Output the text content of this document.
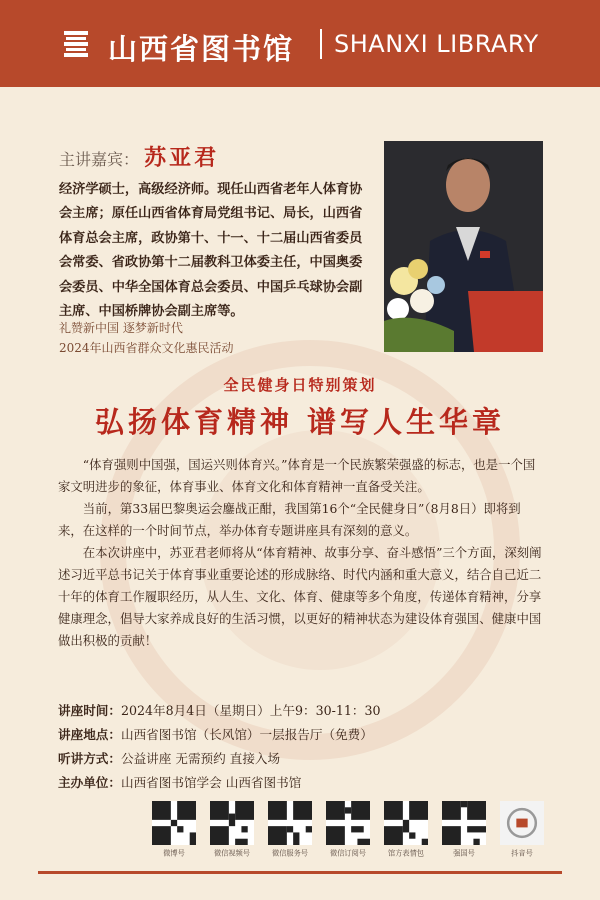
山西省图书馆 SHANXI LIBRARY
主讲嘉宾： 苏亚君
经济学硕士，高级经济师。现任山西省老年人体育协
会主席；原任山西省体育局党组书记、局长，山西省
体育总会主席，政协第十、十一、十二届山西省委员
会常委、省政协第十二届教科卫体委主任，中国奥委
会委员、中华全国体育总会委员、中国乒乓球协会副
主席、中国桥牌协会副主席等。
礼赞新中国 逐梦新时代
2024年山西省群众文化惠民活动
全民健身日特别策划
弘扬体育精神 谱写人生华章

“体育强则中国强，国运兴则体育兴。”体育是一个民族繁荣强盛的标志，也是一个国家文明进步的象征，体育事业、体育文化和体育精神一直备受关注。

当前，第33届巴黎奥运会鏖战正酣，我国第16个“全民健身日”（8月8日）即将到来，在这样的一个时间节点，举办体育专题讲座具有深刻的意义。

在本次讲座中，苏亚君老师将从“体育精神、故事分享、奋斗感悟”三个方面，深刻阐述习近平总书记关于体育事业重要论述的形成脉络、时代内涵和重大意义，结合自己近二十年的体育工作履职经历，从人生、文化、体育、健康等多个角度，传递体育精神，分享健康理念，倡导大家养成良好的生活习惯，以更好的精神状态为建设体育强国、健康中国做出积极的贡献！

讲座时间：2024年8月4日（星期日）上午9：30-11：30
讲座地点：山西省图书馆（长风馆）一层报告厅（免费）
听讲方式：公益讲座 无需预约 直接入场
主办单位：山西省图书馆学会 山西省图书馆
微博号	微信视频号	微信服务号	微信订阅号	馆方表情包	强国号	抖音号
